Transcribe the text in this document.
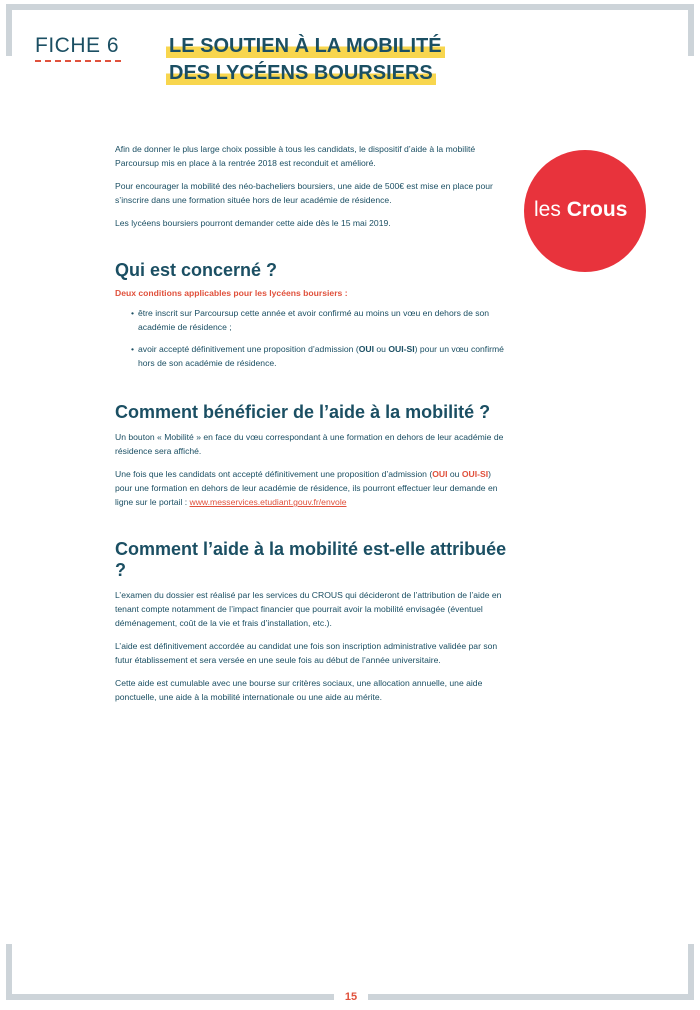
15
FICHE 6 LE SOUTIEN À LA MOBILITÉ
DES LYCÉENS BOURSIERS
les Crous

Afin de donner le plus large choix possible à tous les candidats, le dispositif d’aide à la mobilité Parcoursup mis en place à la rentrée 2018 est reconduit et amélioré.

Pour encourager la mobilité des néo-bacheliers boursiers, une aide de 500€ est mise en place pour s’inscrire dans une formation située hors de leur académie de résidence.

Les lycéens boursiers pourront demander cette aide dès le 15 mai 2019.

Qui est concerné ?
Deux conditions applicables pour les lycéens boursiers :
• être inscrit sur Parcoursup cette année et avoir confirmé au moins un vœu en dehors de son académie de résidence ;
• avoir accepté définitivement une proposition d’admission (OUI ou OUI-SI) pour un vœu confirmé hors de son académie de résidence.
Comment bénéficier de l’aide à la mobilité ?

Un bouton « Mobilité » en face du vœu correspondant à une formation en dehors de leur académie de résidence sera affiché.

Une fois que les candidats ont accepté définitivement une proposition d’admission (OUI ou OUI-SI) pour une formation en dehors de leur académie de résidence, ils pourront effectuer leur demande en ligne sur le portail : www.messervices.etudiant.gouv.fr/envole

Comment l’aide à la mobilité est-elle attribuée ?

L’examen du dossier est réalisé par les services du CROUS qui décideront de l’attribution de l’aide en tenant compte notamment de l’impact financier que pourrait avoir la mobilité envisagée (éventuel déménagement, coût de la vie et frais d’installation, etc.).

L’aide est définitivement accordée au candidat une fois son inscription administrative validée par son futur établissement et sera versée en une seule fois au début de l’année universitaire.

Cette aide est cumulable avec une bourse sur critères sociaux, une allocation annuelle, une aide ponctuelle, une aide à la mobilité internationale ou une aide au mérite.
